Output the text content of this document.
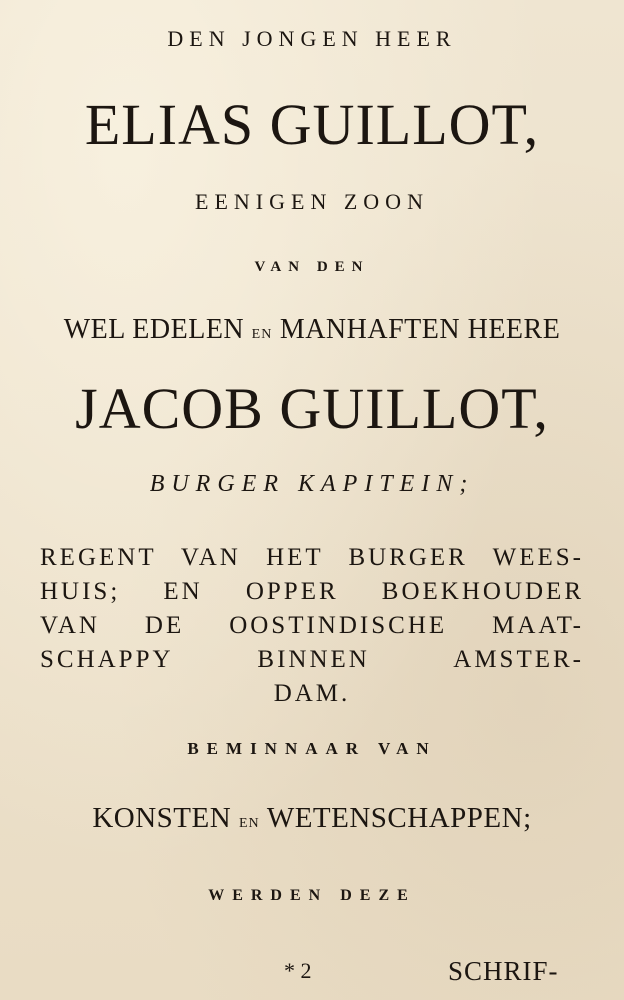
DEN JONGEN HEER
ELIAS GUILLOT,
EENIGEN ZOON
VAN DEN
WEL EDELEN EN MANHAFTEN HEERE
JACOB GUILLOT,
BURGER KAPITEIN;
REGENT VAN HET BURGER WEES-
HUIS; EN OPPER BOEKHOUDER
VAN DE OOSTINDISCHE MAAT-
SCHAPPY BINNEN AMSTER-
DAM.
BEMINNAAR VAN
KONSTEN EN WETENSCHAPPEN;
WERDEN DEZE
* 2	SCHRIF-
